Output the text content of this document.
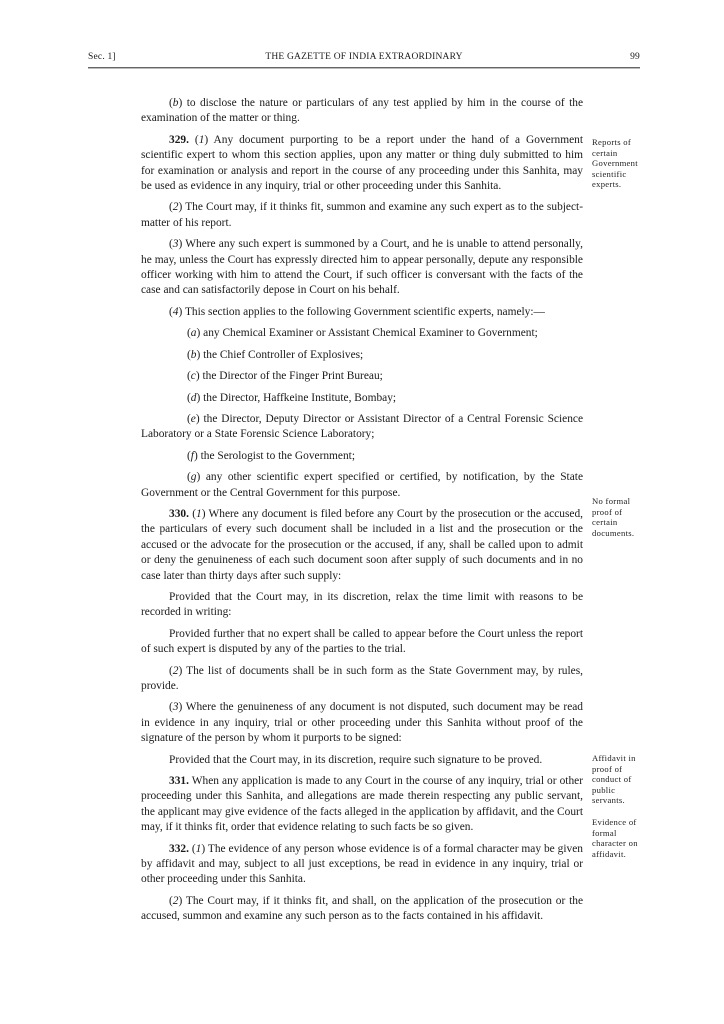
Sec. 1]	THE GAZETTE OF INDIA EXTRAORDINARY	99

(b) to disclose the nature or particulars of any test applied by him in the course of the examination of the matter or thing.

329. (1) Any document purporting to be a report under the hand of a Government scientific expert to whom this section applies, upon any matter or thing duly submitted to him for examination or analysis and report in the course of any proceeding under this Sanhita, may be used as evidence in any inquiry, trial or other proceeding under this Sanhita.

(2) The Court may, if it thinks fit, summon and examine any such expert as to the subject-matter of his report.

(3) Where any such expert is summoned by a Court, and he is unable to attend personally, he may, unless the Court has expressly directed him to appear personally, depute any responsible officer working with him to attend the Court, if such officer is conversant with the facts of the case and can satisfactorily depose in Court on his behalf.

(4) This section applies to the following Government scientific experts, namely:—

(a) any Chemical Examiner or Assistant Chemical Examiner to Government;

(b) the Chief Controller of Explosives;

(c) the Director of the Finger Print Bureau;

(d) the Director, Haffkeine Institute, Bombay;

(e) the Director, Deputy Director or Assistant Director of a Central Forensic Science Laboratory or a State Forensic Science Laboratory;

(f) the Serologist to the Government;

(g) any other scientific expert specified or certified, by notification, by the State Government or the Central Government for this purpose.

330. (1) Where any document is filed before any Court by the prosecution or the accused, the particulars of every such document shall be included in a list and the prosecution or the accused or the advocate for the prosecution or the accused, if any, shall be called upon to admit or deny the genuineness of each such document soon after supply of such documents and in no case later than thirty days after such supply:

Provided that the Court may, in its discretion, relax the time limit with reasons to be recorded in writing:

Provided further that no expert shall be called to appear before the Court unless the report of such expert is disputed by any of the parties to the trial.

(2) The list of documents shall be in such form as the State Government may, by rules, provide.

(3) Where the genuineness of any document is not disputed, such document may be read in evidence in any inquiry, trial or other proceeding under this Sanhita without proof of the signature of the person by whom it purports to be signed:

Provided that the Court may, in its discretion, require such signature to be proved.

331. When any application is made to any Court in the course of any inquiry, trial or other proceeding under this Sanhita, and allegations are made therein respecting any public servant, the applicant may give evidence of the facts alleged in the application by affidavit, and the Court may, if it thinks fit, order that evidence relating to such facts be so given.

332. (1) The evidence of any person whose evidence is of a formal character may be given by affidavit and may, subject to all just exceptions, be read in evidence in any inquiry, trial or other proceeding under this Sanhita.

(2) The Court may, if it thinks fit, and shall, on the application of the prosecution or the accused, summon and examine any such person as to the facts contained in his affidavit.

Reports of certain Government scientific experts.
No formal proof of certain documents.
Affidavit in proof of conduct of public servants.
Evidence of formal character on affidavit.
